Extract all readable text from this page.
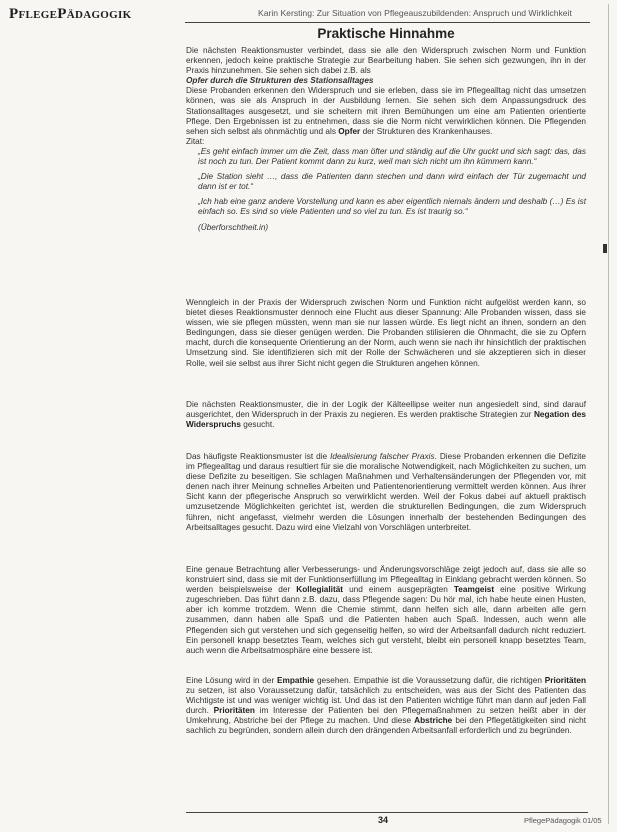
PflegePädagogik	Karin Kersting: Zur Situation von Pflegeauszubildenden: Anspruch und Wirklichkeit
Praktische Hinnahme

Die nächsten Reaktionsmuster verbindet, dass sie alle den Widerspruch zwischen Norm und Funktion erkennen, jedoch keine praktische Strategie zur Bearbeitung haben. Sie sehen sich gezwungen, ihn in der Praxis hinzunehmen. Sie sehen sich dabei z.B. als

Opfer durch die Strukturen des Stationsalltages

Diese Probanden erkennen den Widerspruch und sie erleben, dass sie im Pflegealltag nicht das umsetzen können, was sie als Anspruch in der Ausbildung lernen. Sie sehen sich dem Anpassungsdruck des Stationsalltages ausgesetzt, und sie scheitern mit ihren Bemühungen um eine am Patienten orientierte Pflege. Den Ergebnissen ist zu entnehmen, dass sie die Norm nicht verwirklichen können. Die Pflegenden sehen sich selbst als ohnmächtig und als Opfer der Strukturen des Krankenhauses.

Zitat:

„Es geht einfach immer um die Zeit, dass man öfter und ständig auf die Uhr guckt und sich sagt: das, das ist noch zu tun. Der Patient kommt dann zu kurz, weil man sich nicht um ihn kümmern kann.“

„Die Station sieht …, dass die Patienten dann stechen und dann wird einfach der Tür zugemacht und dann ist er tot.“

„Ich hab eine ganz andere Vorstellung und kann es aber eigentlich niemals ändern und deshalb (…) Es ist einfach so. Es sind so viele Patienten und so viel zu tun. Es ist traurig so.“

(Überforschtheit.in)

Wenngleich in der Praxis der Widerspruch zwischen Norm und Funktion nicht aufgelöst werden kann, so bietet dieses Reaktionsmuster dennoch eine Flucht aus dieser Spannung: Alle Probanden wissen, dass sie wissen, wie sie pflegen müssten, wenn man sie nur lassen würde. Es liegt nicht an ihnen, sondern an den Bedingungen, dass sie dieser genügen werden. Die Probanden stilisieren die Ohnmacht, die sie zu Opfern macht, durch die konsequente Orientierung an der Norm, auch wenn sie nach ihr hinsichtlich der praktischen Umsetzung sind. Sie identifizieren sich mit der Rolle der Schwächeren und sie akzeptieren sich in dieser Rolle, weil sie selbst aus ihrer Sicht nicht gegen die Strukturen angehen können.

Die nächsten Reaktionsmuster, die in der Logik der Kälteellipse weiter nun angesiedelt sind, sind darauf ausgerichtet, den Widerspruch in der Praxis zu negieren. Es werden praktische Strategien zur Negation des Widerspruchs gesucht.

Das häufigste Reaktionsmuster ist die Idealisierung falscher Praxis. Diese Probanden erkennen die Defizite im Pflegealltag und daraus resultiert für sie die moralische Notwendigkeit, nach Möglichkeiten zu suchen, um diese Defizite zu beseitigen. Sie schlagen Maßnahmen und Verhaltensänderungen der Pflegenden vor, mit denen nach ihrer Meinung schnelles Arbeiten und Patientenorientierung vermittelt werden können. Aus ihrer Sicht kann der pflegerische Anspruch so verwirklicht werden. Weil der Fokus dabei auf aktuell praktisch umzusetzende Möglichkeiten gerichtet ist, werden die strukturellen Bedingungen, die zum Widerspruch führen, nicht angefasst, vielmehr werden die Lösungen innerhalb der bestehenden Bedingungen des Arbeitsalltages gesucht. Dazu wird eine Vielzahl von Vorschlägen unterbreitet.

Eine genaue Betrachtung aller Verbesserungs- und Änderungsvorschläge zeigt jedoch auf, dass sie alle so konstruiert sind, dass sie mit der Funktionserfüllung im Pflegealltag in Einklang gebracht werden können. So werden beispielsweise der Kollegialität und einem ausgeprägten Teamgeist eine positive Wirkung zugeschrieben. Das führt dann z.B. dazu, dass Pflegende sagen: Du hör mal, ich habe heute einen Husten, aber ich komme trotzdem. Wenn die Chemie stimmt, dann helfen sich alle, dann arbeiten alle gern zusammen, dann haben alle Spaß und die Patienten haben auch Spaß. Indessen, auch wenn alle Pflegenden sich gut verstehen und sich gegenseitig helfen, so wird der Arbeitsanfall dadurch nicht reduziert. Ein personell knapp besetztes Team, welches sich gut versteht, bleibt ein personell knapp besetztes Team, auch wenn die Arbeitsatmosphäre eine bessere ist.

Eine Lösung wird in der Empathie gesehen. Empathie ist die Voraussetzung dafür, die richtigen Prioritäten zu setzen, ist also Voraussetzung dafür, tatsächlich zu entscheiden, was aus der Sicht des Patienten das Wichtigste ist und was weniger wichtig ist. Und das ist den Patienten wichtige führt man dann auf jeden Fall durch. Prioritäten im Interesse der Patienten bei den Pflegemaßnahmen zu setzen heißt aber in der Umkehrung, Abstriche bei der Pflege zu machen. Und diese Abstriche bei den Pflegetätigkeiten sind nicht sachlich zu begründen, sondern allein durch den drängenden Arbeitsanfall erforderlich und zu begründen.

34	PflegePädagogik 01/05
